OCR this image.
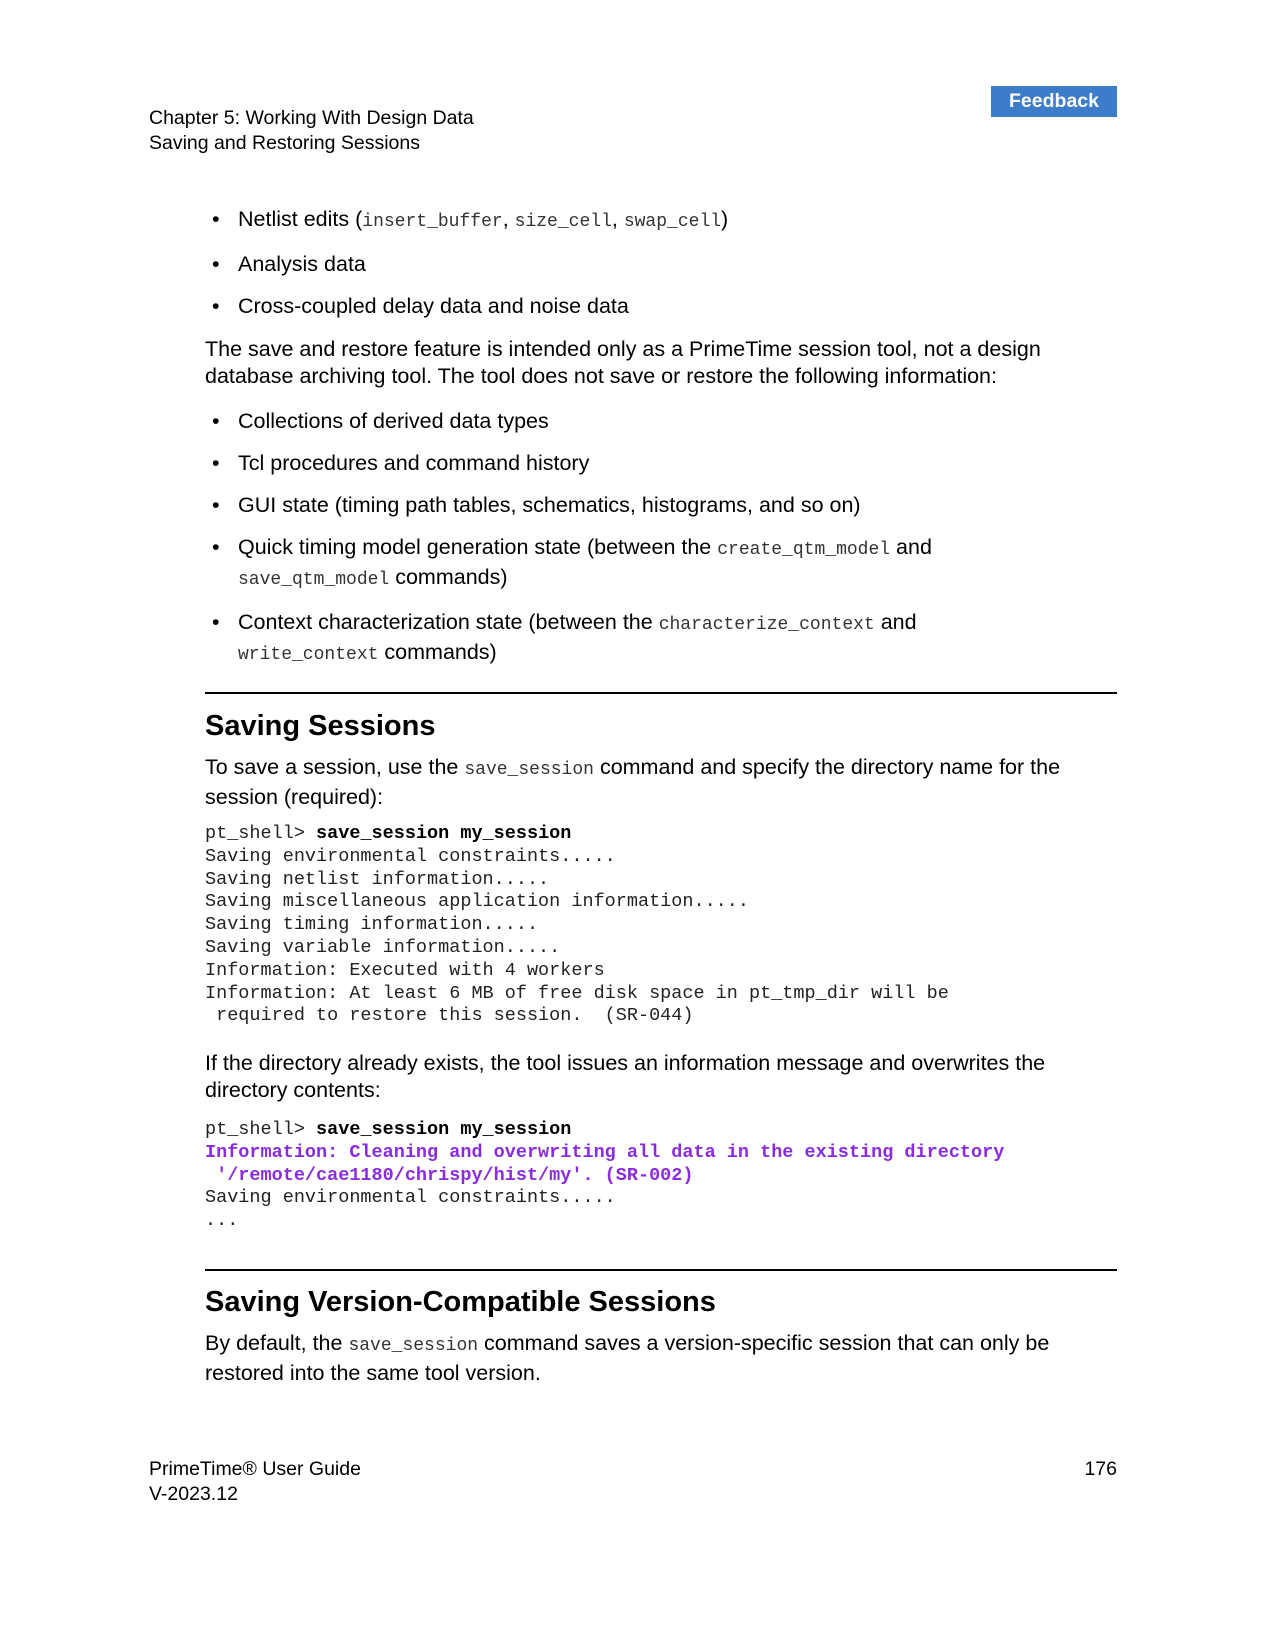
Chapter 5: Working With Design Data
Saving and Restoring Sessions
Feedback
• Netlist edits (insert_buffer, size_cell, swap_cell)
• Analysis data
• Cross-coupled delay data and noise data

The save and restore feature is intended only as a PrimeTime session tool, not a design database archiving tool. The tool does not save or restore the following information:

• Collections of derived data types
• Tcl procedures and command history
• GUI state (timing path tables, schematics, histograms, and so on)
• Quick timing model generation state (between the create_qtm_model and
save_qtm_model commands)
• Context characterization state (between the characterize_context and
write_context commands)
Saving Sessions

To save a session, use the save_session command and specify the directory name for the session (required):

pt_shell> save_session my_session
Saving environmental constraints.....
Saving netlist information.....
Saving miscellaneous application information.....
Saving timing information.....
Saving variable information.....
Information: Executed with 4 workers
Information: At least 6 MB of free disk space in pt_tmp_dir will be
required to restore this session.  (SR-044)

If the directory already exists, the tool issues an information message and overwrites the directory contents:

pt_shell> save_session my_session
Information: Cleaning and overwriting all data in the existing directory
'/remote/cae1180/chrispy/hist/my'. (SR-002)
Saving environmental constraints.....
...
Saving Version-Compatible Sessions

By default, the save_session command saves a version-specific session that can only be restored into the same tool version.

PrimeTime® User Guide
V-2023.12
176
